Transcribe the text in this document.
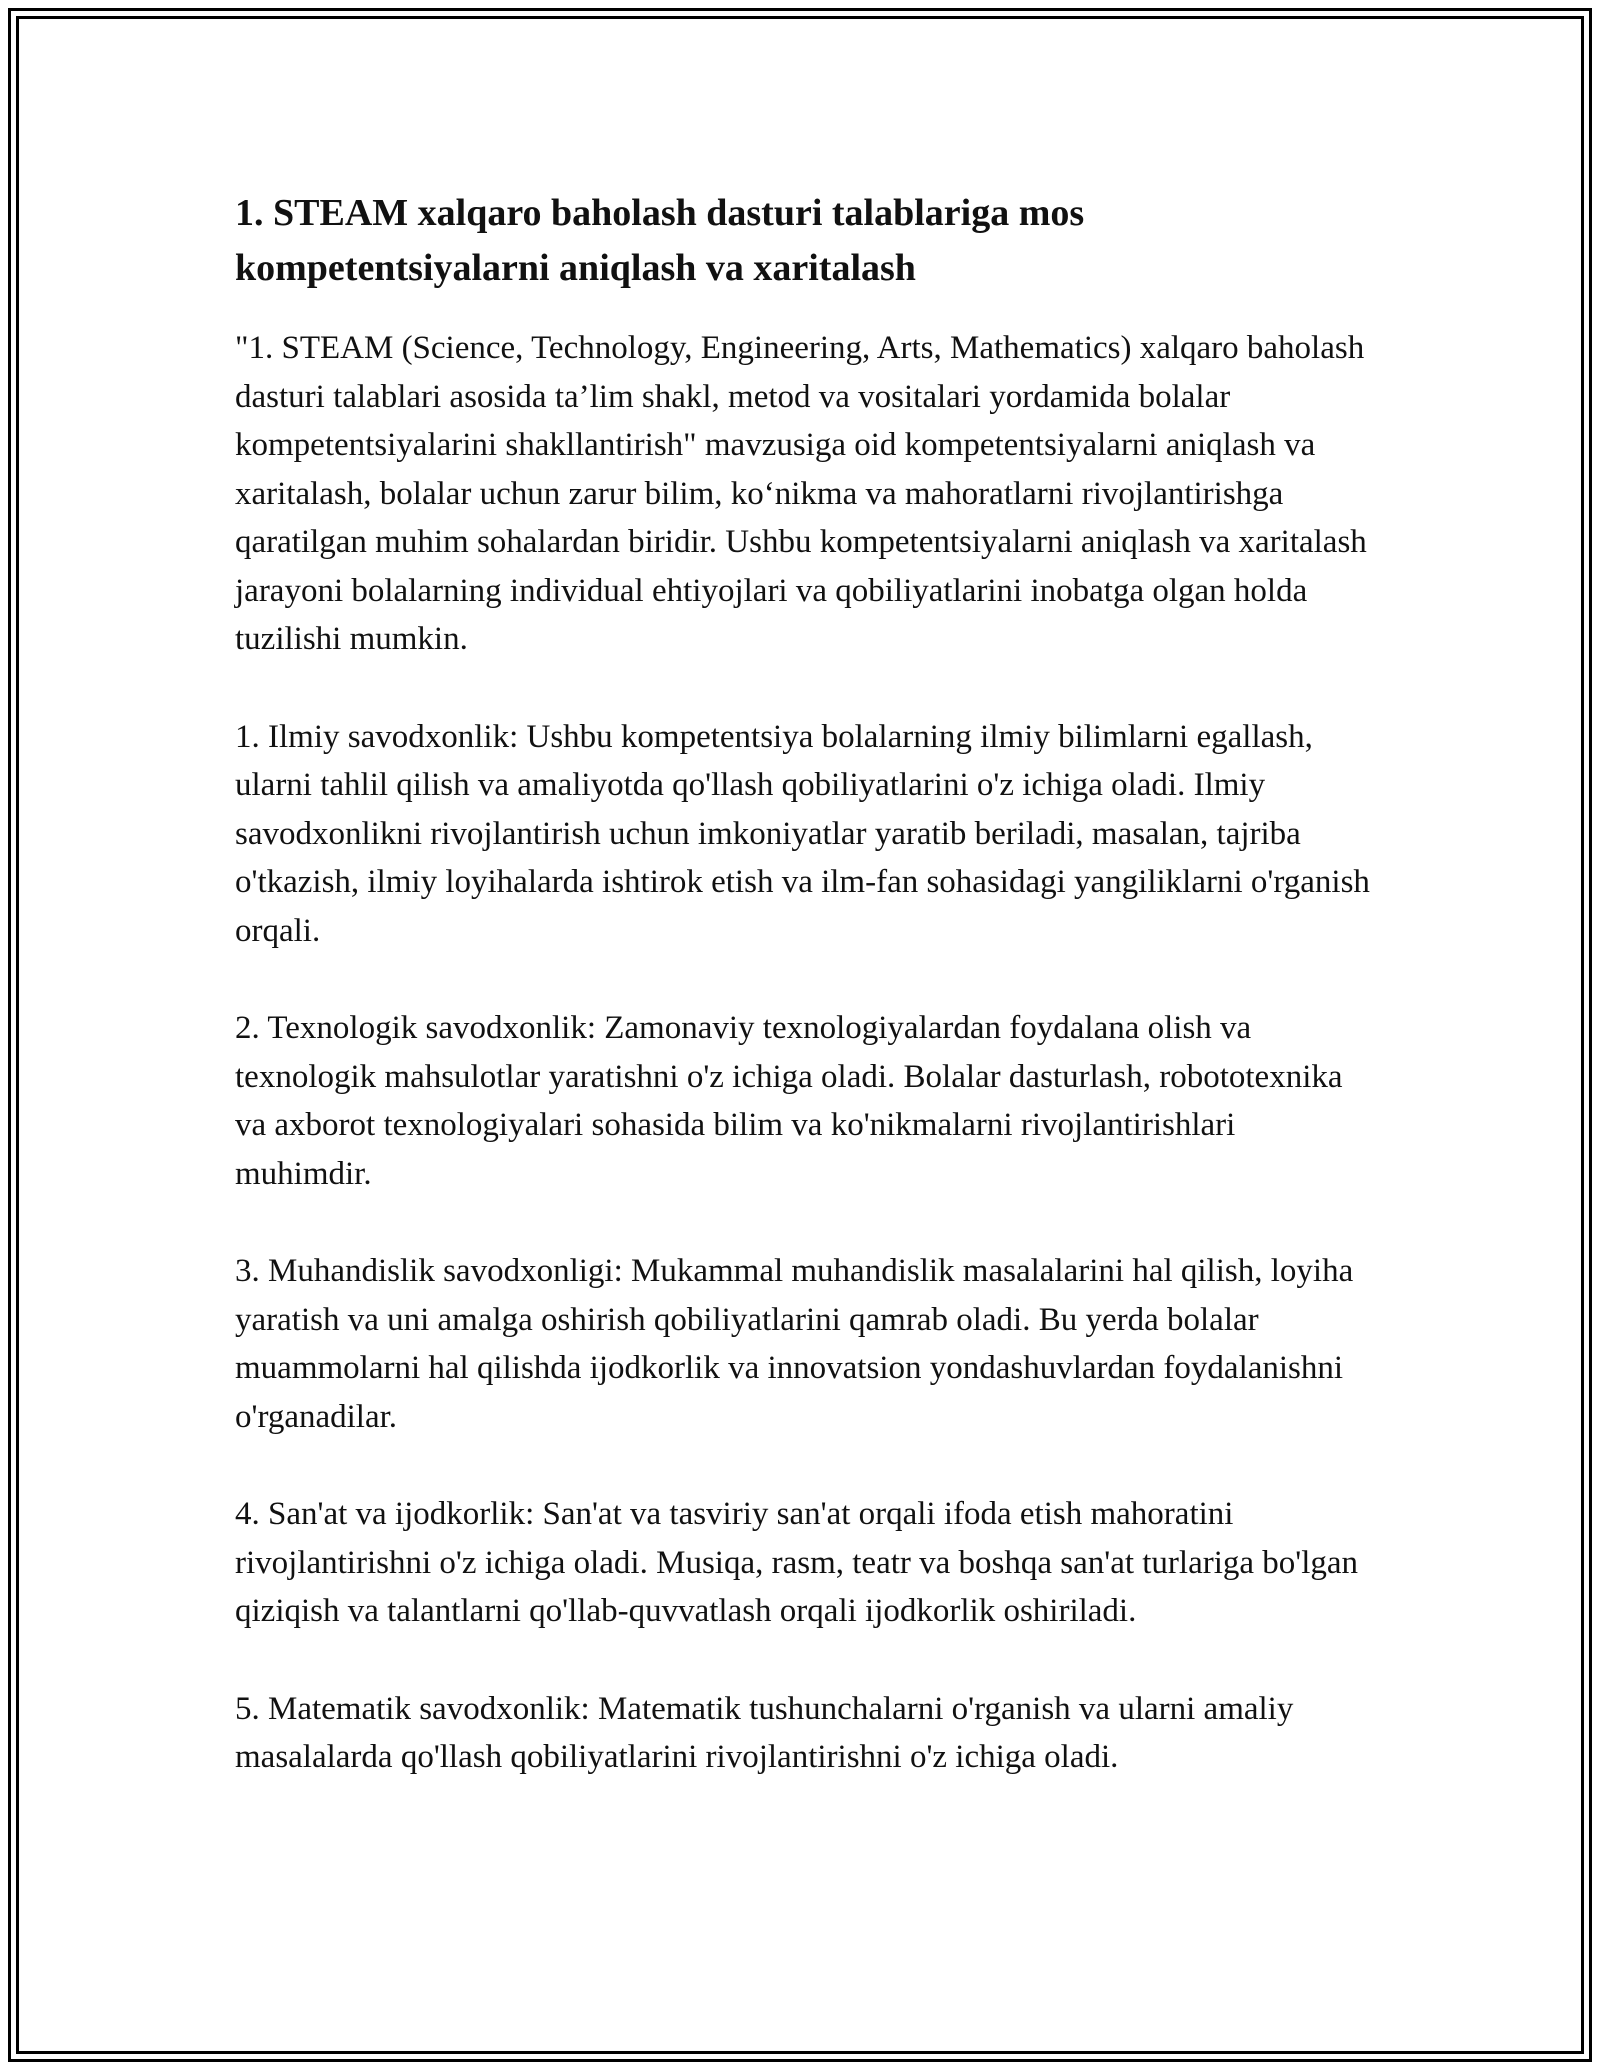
1. STEAM xalqaro baholash dasturi talablariga mos kompetentsiyalarni aniqlash va xaritalash

"1. STEAM (Science, Technology, Engineering, Arts, Mathematics) xalqaro baholash dasturi talablari asosida ta’lim shakl, metod va vositalari yordamida bolalar kompetentsiyalarini shakllantirish" mavzusiga oid kompetentsiyalarni aniqlash va xaritalash, bolalar uchun zarur bilim, ko‘nikma va mahoratlarni rivojlantirishga qaratilgan muhim sohalardan biridir. Ushbu kompetentsiyalarni aniqlash va xaritalash jarayoni bolalarning individual ehtiyojlari va qobiliyatlarini inobatga olgan holda tuzilishi mumkin.

1. Ilmiy savodxonlik: Ushbu kompetentsiya bolalarning ilmiy bilimlarni egallash, ularni tahlil qilish va amaliyotda qo'llash qobiliyatlarini o'z ichiga oladi. Ilmiy savodxonlikni rivojlantirish uchun imkoniyatlar yaratib beriladi, masalan, tajriba o'tkazish, ilmiy loyihalarda ishtirok etish va ilm-fan sohasidagi yangiliklarni o'rganish orqali.

2. Texnologik savodxonlik: Zamonaviy texnologiyalardan foydalana olish va texnologik mahsulotlar yaratishni o'z ichiga oladi. Bolalar dasturlash, robototexnika va axborot texnologiyalari sohasida bilim va ko'nikmalarni rivojlantirishlari muhimdir.

3. Muhandislik savodxonligi: Mukammal muhandislik masalalarini hal qilish, loyiha yaratish va uni amalga oshirish qobiliyatlarini qamrab oladi. Bu yerda bolalar muammolarni hal qilishda ijodkorlik va innovatsion yondashuvlardan foydalanishni o'rganadilar.

4. San'at va ijodkorlik: San'at va tasviriy san'at orqali ifoda etish mahoratini rivojlantirishni o'z ichiga oladi. Musiqa, rasm, teatr va boshqa san'at turlariga bo'lgan qiziqish va talantlarni qo'llab-quvvatlash orqali ijodkorlik oshiriladi.

5. Matematik savodxonlik: Matematik tushunchalarni o'rganish va ularni amaliy masalalarda qo'llash qobiliyatlarini rivojlantirishni o'z ichiga oladi.
